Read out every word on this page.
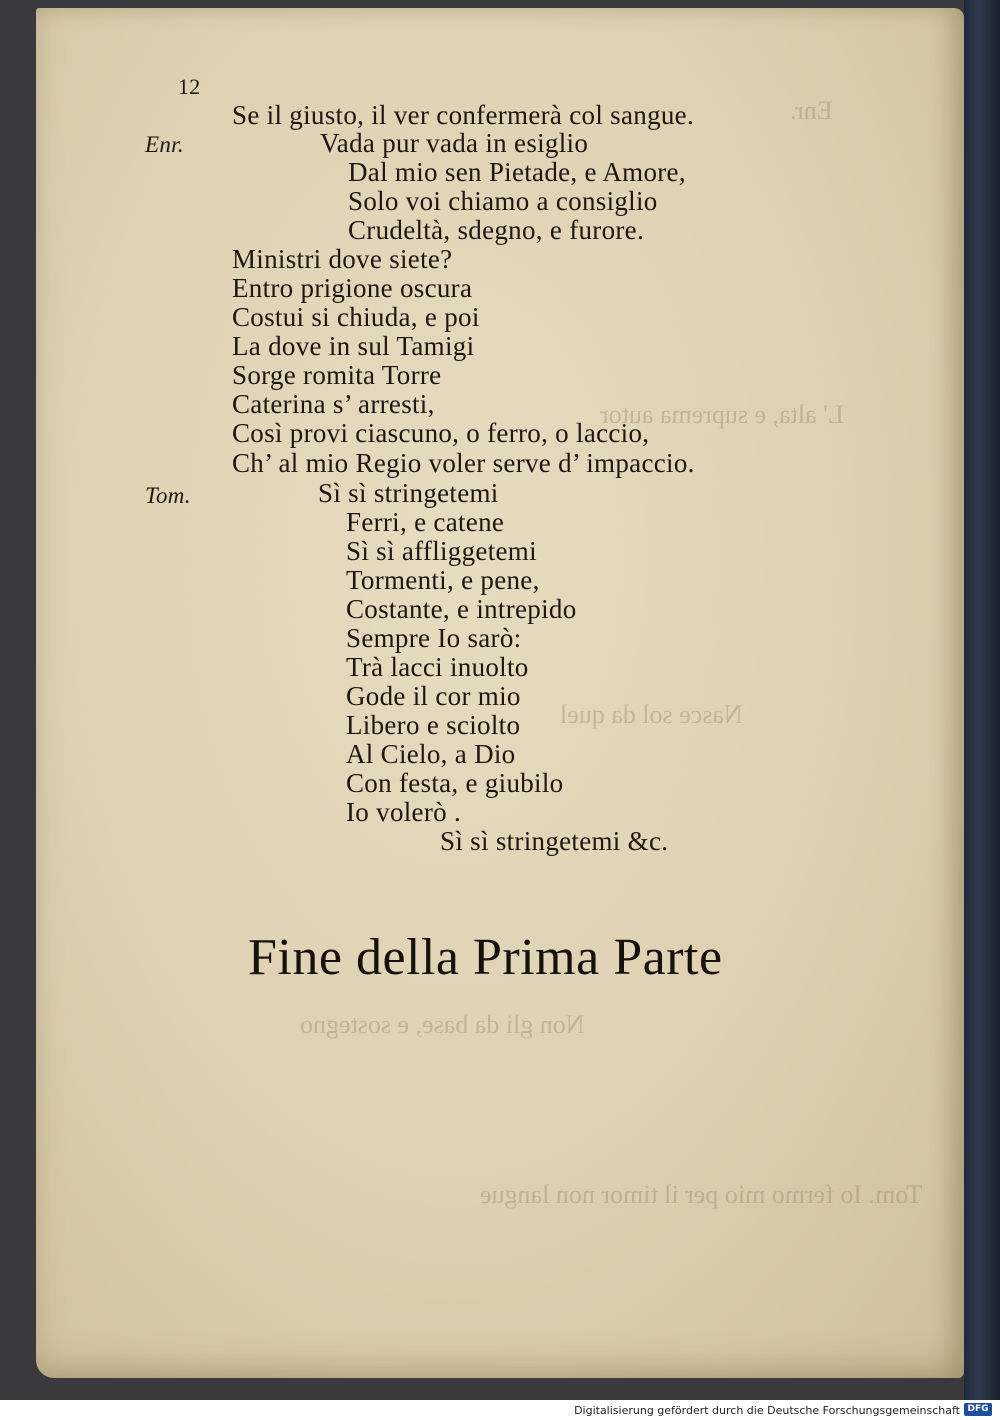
Enr.
L' alta, e suprema autor
Nasce sol da quel
Non gli da base, e sostegno
Tom. Io fermo mio per il timor non langue
12
Se il giusto, il ver confermerà col sangue.
Enr.	Vada pur vada in esiglio
Dal mio sen Pietade, e Amore,
Solo voi chiamo a consiglio
Crudeltà, sdegno, e furore.
Ministri dove siete?
Entro prigione oscura
Costui si chiuda, e poi
La dove in sul Tamigi
Sorge romita Torre
Caterina s’ arresti,
Così provi ciascuno, o ferro, o laccio,
Ch’ al mio Regio voler serve d’ impaccio.
Tom.	Sì sì stringetemi
Ferri, e catene
Sì sì affliggetemi
Tormenti, e pene,
Costante, e intrepido
Sempre Io sarò:
Trà lacci inuolto
Gode il cor mio
Libero e sciolto
Al Cielo, a Dio
Con festa, e giubilo
Io volerò .
Sì sì stringetemi &c.
Fine della Prima Parte
Digitalisierung gefördert durch die Deutsche Forschungsgemeinschaft DFG
